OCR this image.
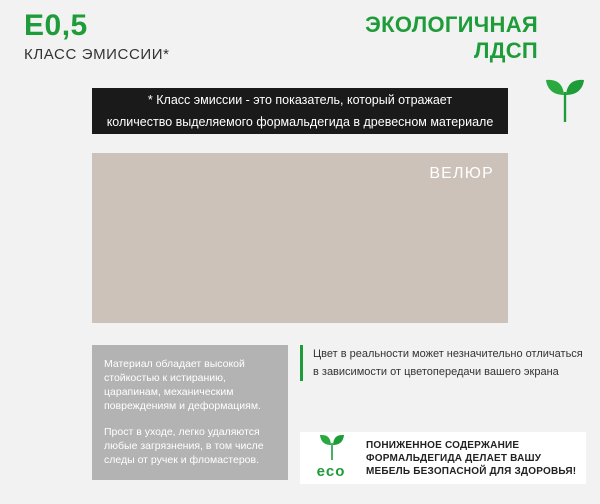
E0,5
КЛАСС ЭМИССИИ*
ЭКОЛОГИЧНАЯ
ЛДСП
* Класс эмиссии - это показатель, который отражает
количество выделяемого формальдегида в древесном материале
ВЕЛЮР

Материал обладает высокой стойкостью к истиранию, царапинам, механическим повреждениям и деформациям.

Прост в уходе, легко удаляются любые загрязнения, в том числе следы от ручек и фломастеров.

Цвет в реальности может незначительно отличаться
в зависимости от цветопередачи вашего экрана
eco
ПОНИЖЕННОЕ СОДЕРЖАНИЕ
ФОРМАЛЬДЕГИДА ДЕЛАЕТ ВАШУ
МЕБЕЛЬ БЕЗОПАСНОЙ ДЛЯ ЗДОРОВЬЯ!
